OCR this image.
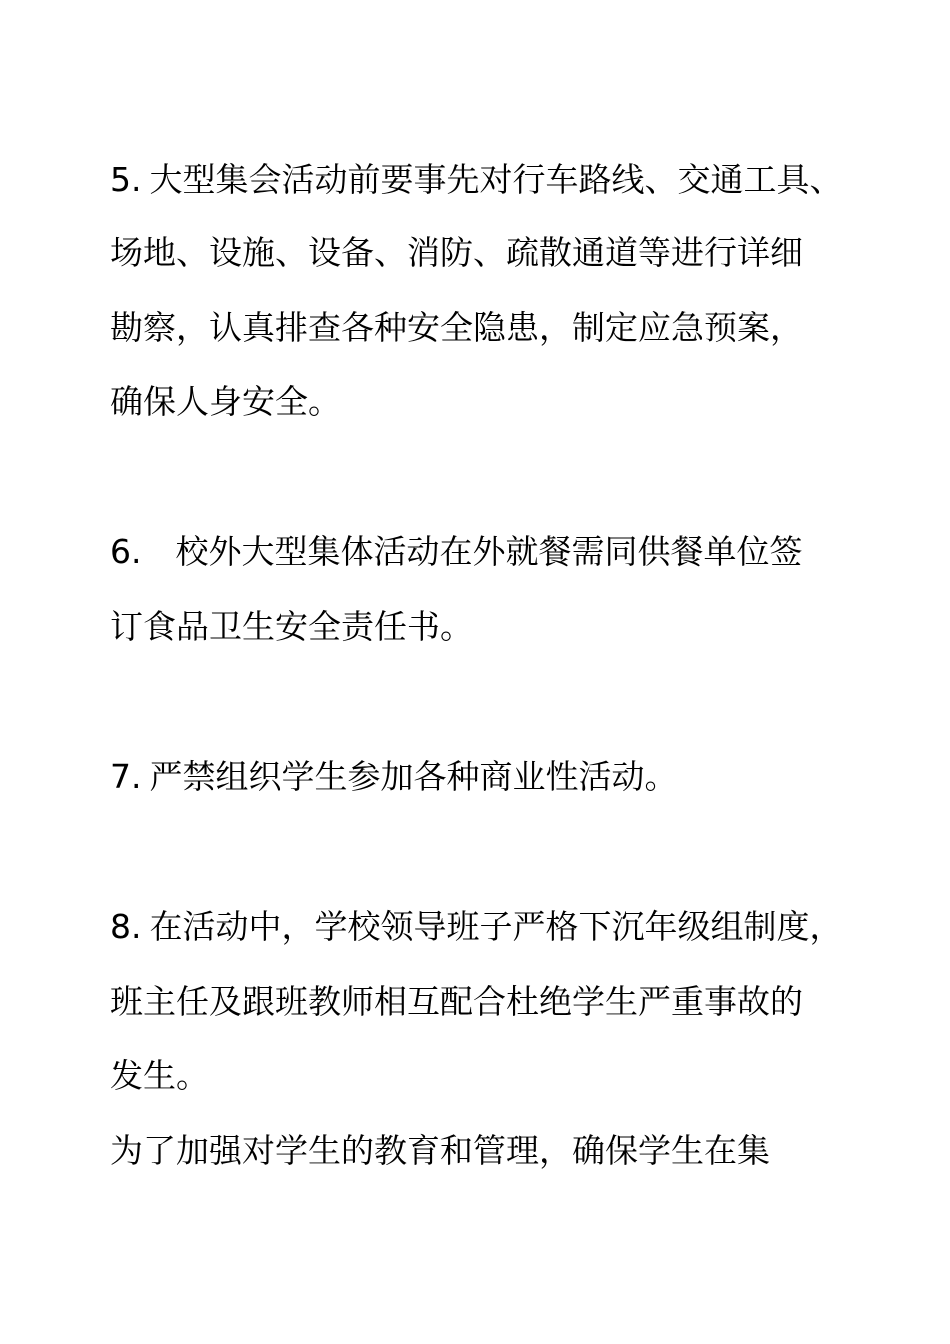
5. 大型集会活动前要事先对行车路线、交通工具、
场地、设施、设备、消防、疏散通道等进行详细
勘察，认真排查各种安全隐患，制定应急预案，
确保人身安全。
6. 校外大型集体活动在外就餐需同供餐单位签
订食品卫生安全责任书。
7. 严禁组织学生参加各种商业性活动。
8. 在活动中，学校领导班子严格下沉年级组制度，
班主任及跟班教师相互配合杜绝学生严重事故的
发生。
为了加强对学生的教育和管理，确保学生在集
